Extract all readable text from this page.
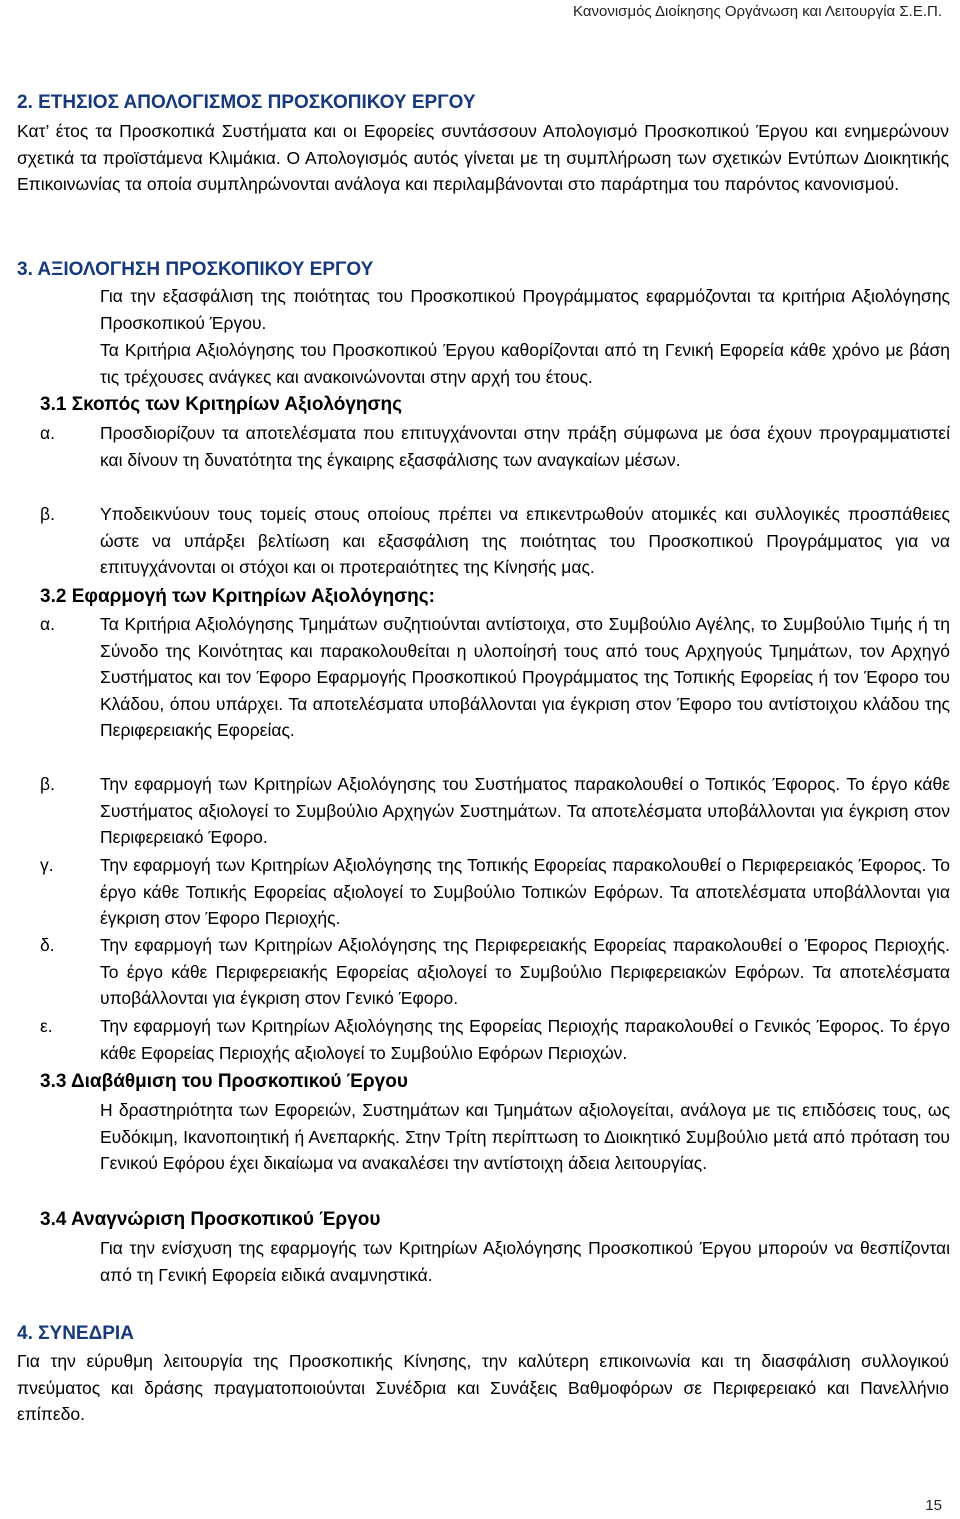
Κανονισμός Διοίκησης Οργάνωση και Λειτουργία Σ.Ε.Π.
2. ΕΤΗΣΙΟΣ ΑΠΟΛΟΓΙΣΜΟΣ ΠΡΟΣΚΟΠΙΚΟΥ ΕΡΓΟΥ
Κατ’ έτος τα Προσκοπικά Συστήματα και οι Εφορείες συντάσσουν Απολογισμό Προσκοπικού Έργου και ενημερώνουν σχετικά τα προϊστάμενα Κλιμάκια. Ο Απολογισμός αυτός γίνεται με τη συμπλήρωση των σχετικών Εντύπων Διοικητικής Επικοινωνίας τα οποία συμπληρώνονται ανάλογα και περιλαμβάνονται στο παράρτημα του παρόντος κανονισμού.
3. ΑΞΙΟΛΟΓΗΣΗ ΠΡΟΣΚΟΠΙΚΟΥ ΕΡΓΟΥ
Για την εξασφάλιση της ποιότητας του Προσκοπικού Προγράμματος εφαρμόζονται τα κριτήρια Αξιολόγησης Προσκοπικού Έργου.
Τα Κριτήρια Αξιολόγησης του Προσκοπικού Έργου καθορίζονται από τη Γενική Εφορεία κάθε χρόνο με βάση τις τρέχουσες ανάγκες και ανακοινώνονται στην αρχή του έτους.
3.1 Σκοπός των Κριτηρίων Αξιολόγησης
α.	Προσδιορίζουν τα αποτελέσματα που επιτυγχάνονται στην πράξη σύμφωνα με όσα έχουν προγραμματιστεί και δίνουν τη δυνατότητα της έγκαιρης εξασφάλισης των αναγκαίων μέσων.
β.	Υποδεικνύουν τους τομείς στους οποίους πρέπει να επικεντρωθούν ατομικές και συλλογικές προσπάθειες ώστε να υπάρξει βελτίωση και εξασφάλιση της ποιότητας του Προσκοπικού Προγράμματος για να επιτυγχάνονται οι στόχοι και οι προτεραιότητες της Κίνησής μας.
3.2 Εφαρμογή των Κριτηρίων Αξιολόγησης:
α.	Τα Κριτήρια Αξιολόγησης Τμημάτων συζητιούνται αντίστοιχα, στο Συμβούλιο Αγέλης, το Συμβούλιο Τιμής ή τη Σύνοδο της Κοινότητας και παρακολουθείται η υλοποίησή τους από τους Αρχηγούς Τμημάτων, τον Αρχηγό Συστήματος και τον Έφορο Εφαρμογής Προσκοπικού Προγράμματος της Τοπικής Εφορείας ή τον Έφορο του Κλάδου, όπου υπάρχει. Τα αποτελέσματα υποβάλλονται για έγκριση στον Έφορο του αντίστοιχου κλάδου της Περιφερειακής Εφορείας.
β.	Την εφαρμογή των Κριτηρίων Αξιολόγησης του Συστήματος παρακολουθεί ο Τοπικός Έφορος. Το έργο κάθε Συστήματος αξιολογεί το Συμβούλιο Αρχηγών Συστημάτων. Τα αποτελέσματα υποβάλλονται για έγκριση στον Περιφερειακό Έφορο.
γ.	Την εφαρμογή των Κριτηρίων Αξιολόγησης της Τοπικής Εφορείας παρακολουθεί ο Περιφερειακός Έφορος. Το έργο κάθε Τοπικής Εφορείας αξιολογεί το Συμβούλιο Τοπικών Εφόρων. Τα αποτελέσματα υποβάλλονται για έγκριση στον Έφορο Περιοχής.
δ.	Την εφαρμογή των Κριτηρίων Αξιολόγησης της Περιφερειακής Εφορείας παρακολουθεί ο Έφορος Περιοχής. Το έργο κάθε Περιφερειακής Εφορείας αξιολογεί το Συμβούλιο Περιφερειακών Εφόρων. Τα αποτελέσματα υποβάλλονται για έγκριση στον Γενικό Έφορο.
ε.	Την εφαρμογή των Κριτηρίων Αξιολόγησης της Εφορείας Περιοχής παρακολουθεί ο Γενικός Έφορος. Το έργο κάθε Εφορείας Περιοχής αξιολογεί το Συμβούλιο Εφόρων Περιοχών.
3.3 Διαβάθμιση του Προσκοπικού Έργου
Η δραστηριότητα των Εφορειών, Συστημάτων και Τμημάτων αξιολογείται, ανάλογα με τις επιδόσεις τους, ως Ευδόκιμη, Ικανοποιητική ή Ανεπαρκής. Στην Τρίτη περίπτωση το Διοικητικό Συμβούλιο μετά από πρόταση του Γενικού Εφόρου έχει δικαίωμα να ανακαλέσει την αντίστοιχη άδεια λειτουργίας.
3.4 Αναγνώριση Προσκοπικού Έργου
Για την ενίσχυση της εφαρμογής των Κριτηρίων Αξιολόγησης Προσκοπικού Έργου μπορούν να θεσπίζονται από τη Γενική Εφορεία ειδικά αναμνηστικά.
4. ΣΥΝΕΔΡΙΑ
Για την εύρυθμη λειτουργία της Προσκοπικής Κίνησης, την καλύτερη επικοινωνία και τη διασφάλιση συλλογικού πνεύματος και δράσης πραγματοποιούνται Συνέδρια και Συνάξεις Βαθμοφόρων σε Περιφερειακό και Πανελλήνιο επίπεδο.
15
